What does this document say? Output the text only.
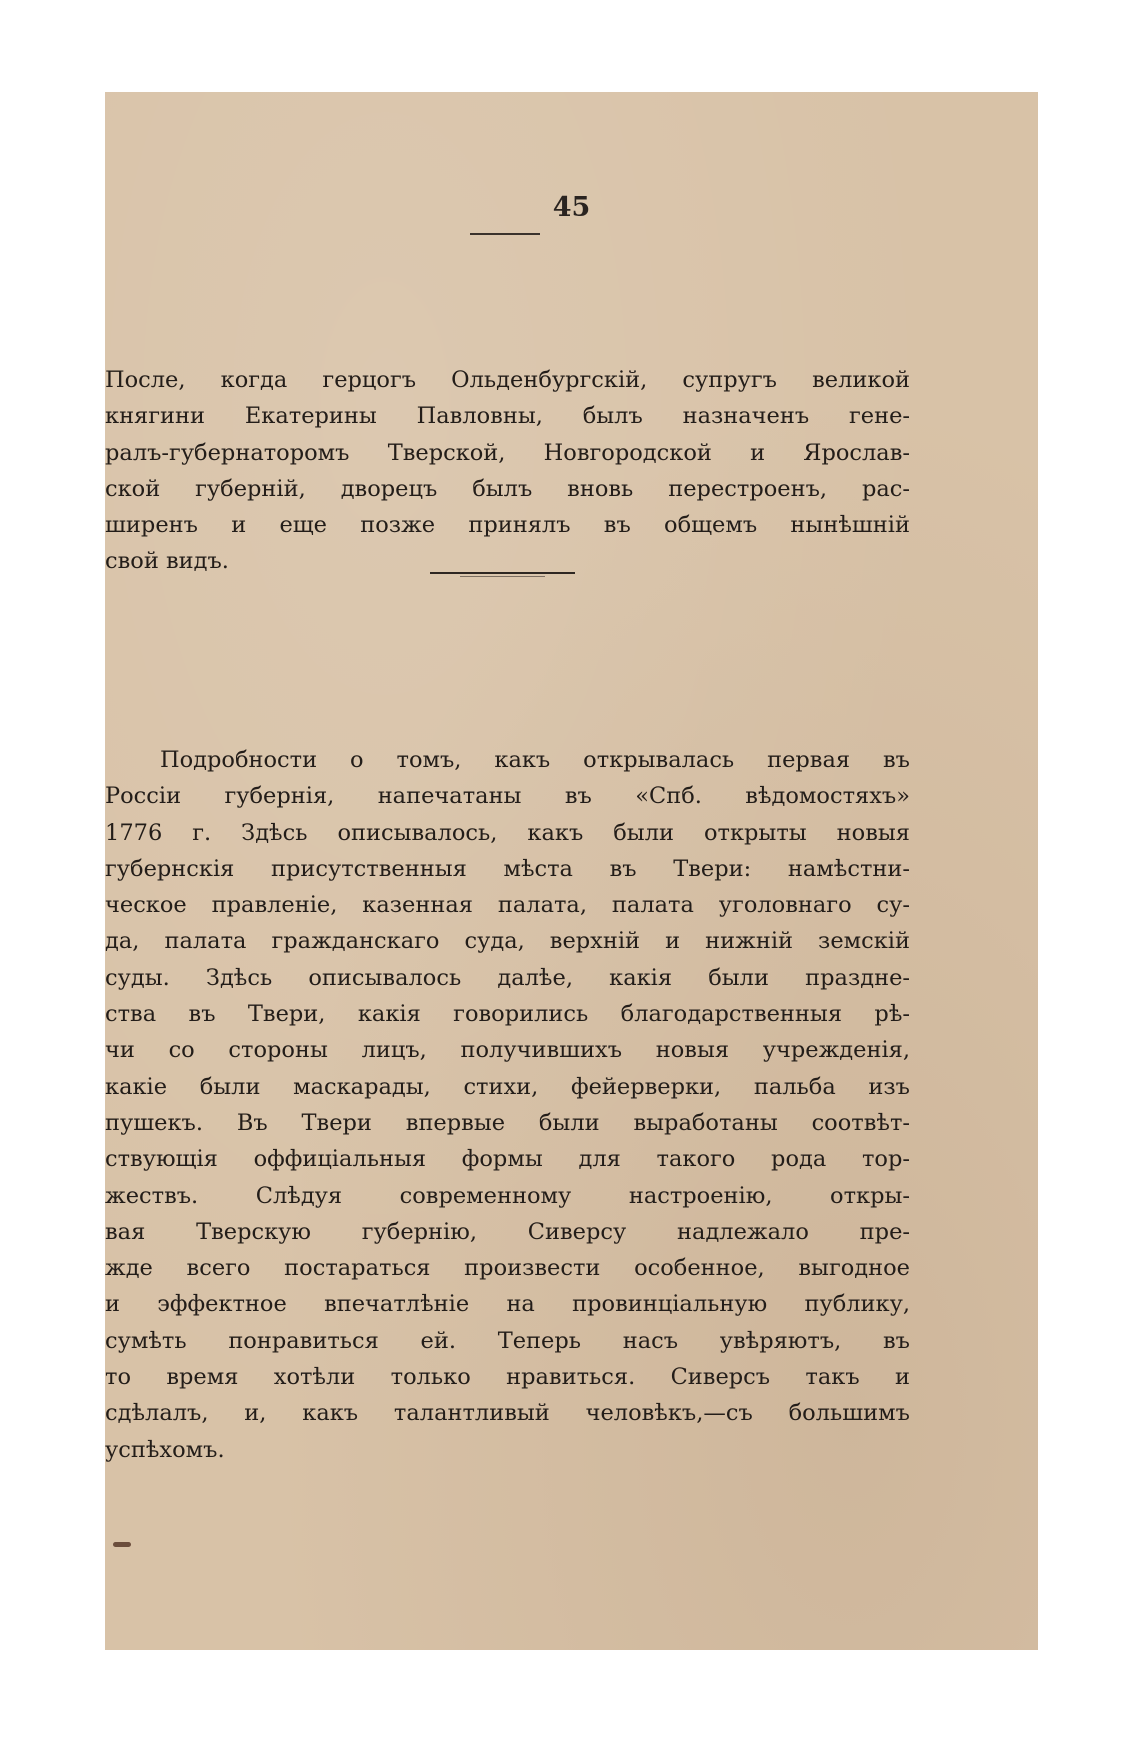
45
После, когда герцогъ Ольденбургскій, супругъ великой
княгини Екатерины Павловны, былъ назначенъ гене-
ралъ-губернаторомъ Тверской, Новгородской и Ярослав-
ской губерній, дворецъ былъ вновь перестроенъ, рас-
ширенъ и еще позже принялъ въ общемъ нынѣшній
свой видъ.
Подробности о томъ, какъ открывалась первая въ
Россіи губернія, напечатаны въ «Спб. вѣдомостяхъ»
1776 г. Здѣсь описывалось, какъ были открыты новыя
губернскія присутственныя мѣста въ Твери: намѣстни-
ческое правленіе, казенная палата, палата уголовнаго су-
да, палата гражданскаго суда, верхній и нижній земскій
суды. Здѣсь описывалось далѣе, какія были праздне-
ства въ Твери, какія говорились благодарственныя рѣ-
чи со стороны лицъ, получившихъ новыя учрежденія,
какіе были маскарады, стихи, фейерверки, пальба изъ
пушекъ. Въ Твери впервые были выработаны соотвѣт-
ствующія оффиціальныя формы для такого рода тор-
жествъ. Слѣдуя современному настроенію, откры-
вая Тверскую губернію, Сиверсу надлежало пре-
жде всего постараться произвести особенное, выгодное
и эффектное впечатлѣніе на провинціальную публику,
сумѣть понравиться ей. Теперь насъ увѣряютъ, въ
то время хотѣли только нравиться. Сиверсъ такъ и
сдѣлалъ, и, какъ талантливый человѣкъ,—съ большимъ
успѣхомъ.
